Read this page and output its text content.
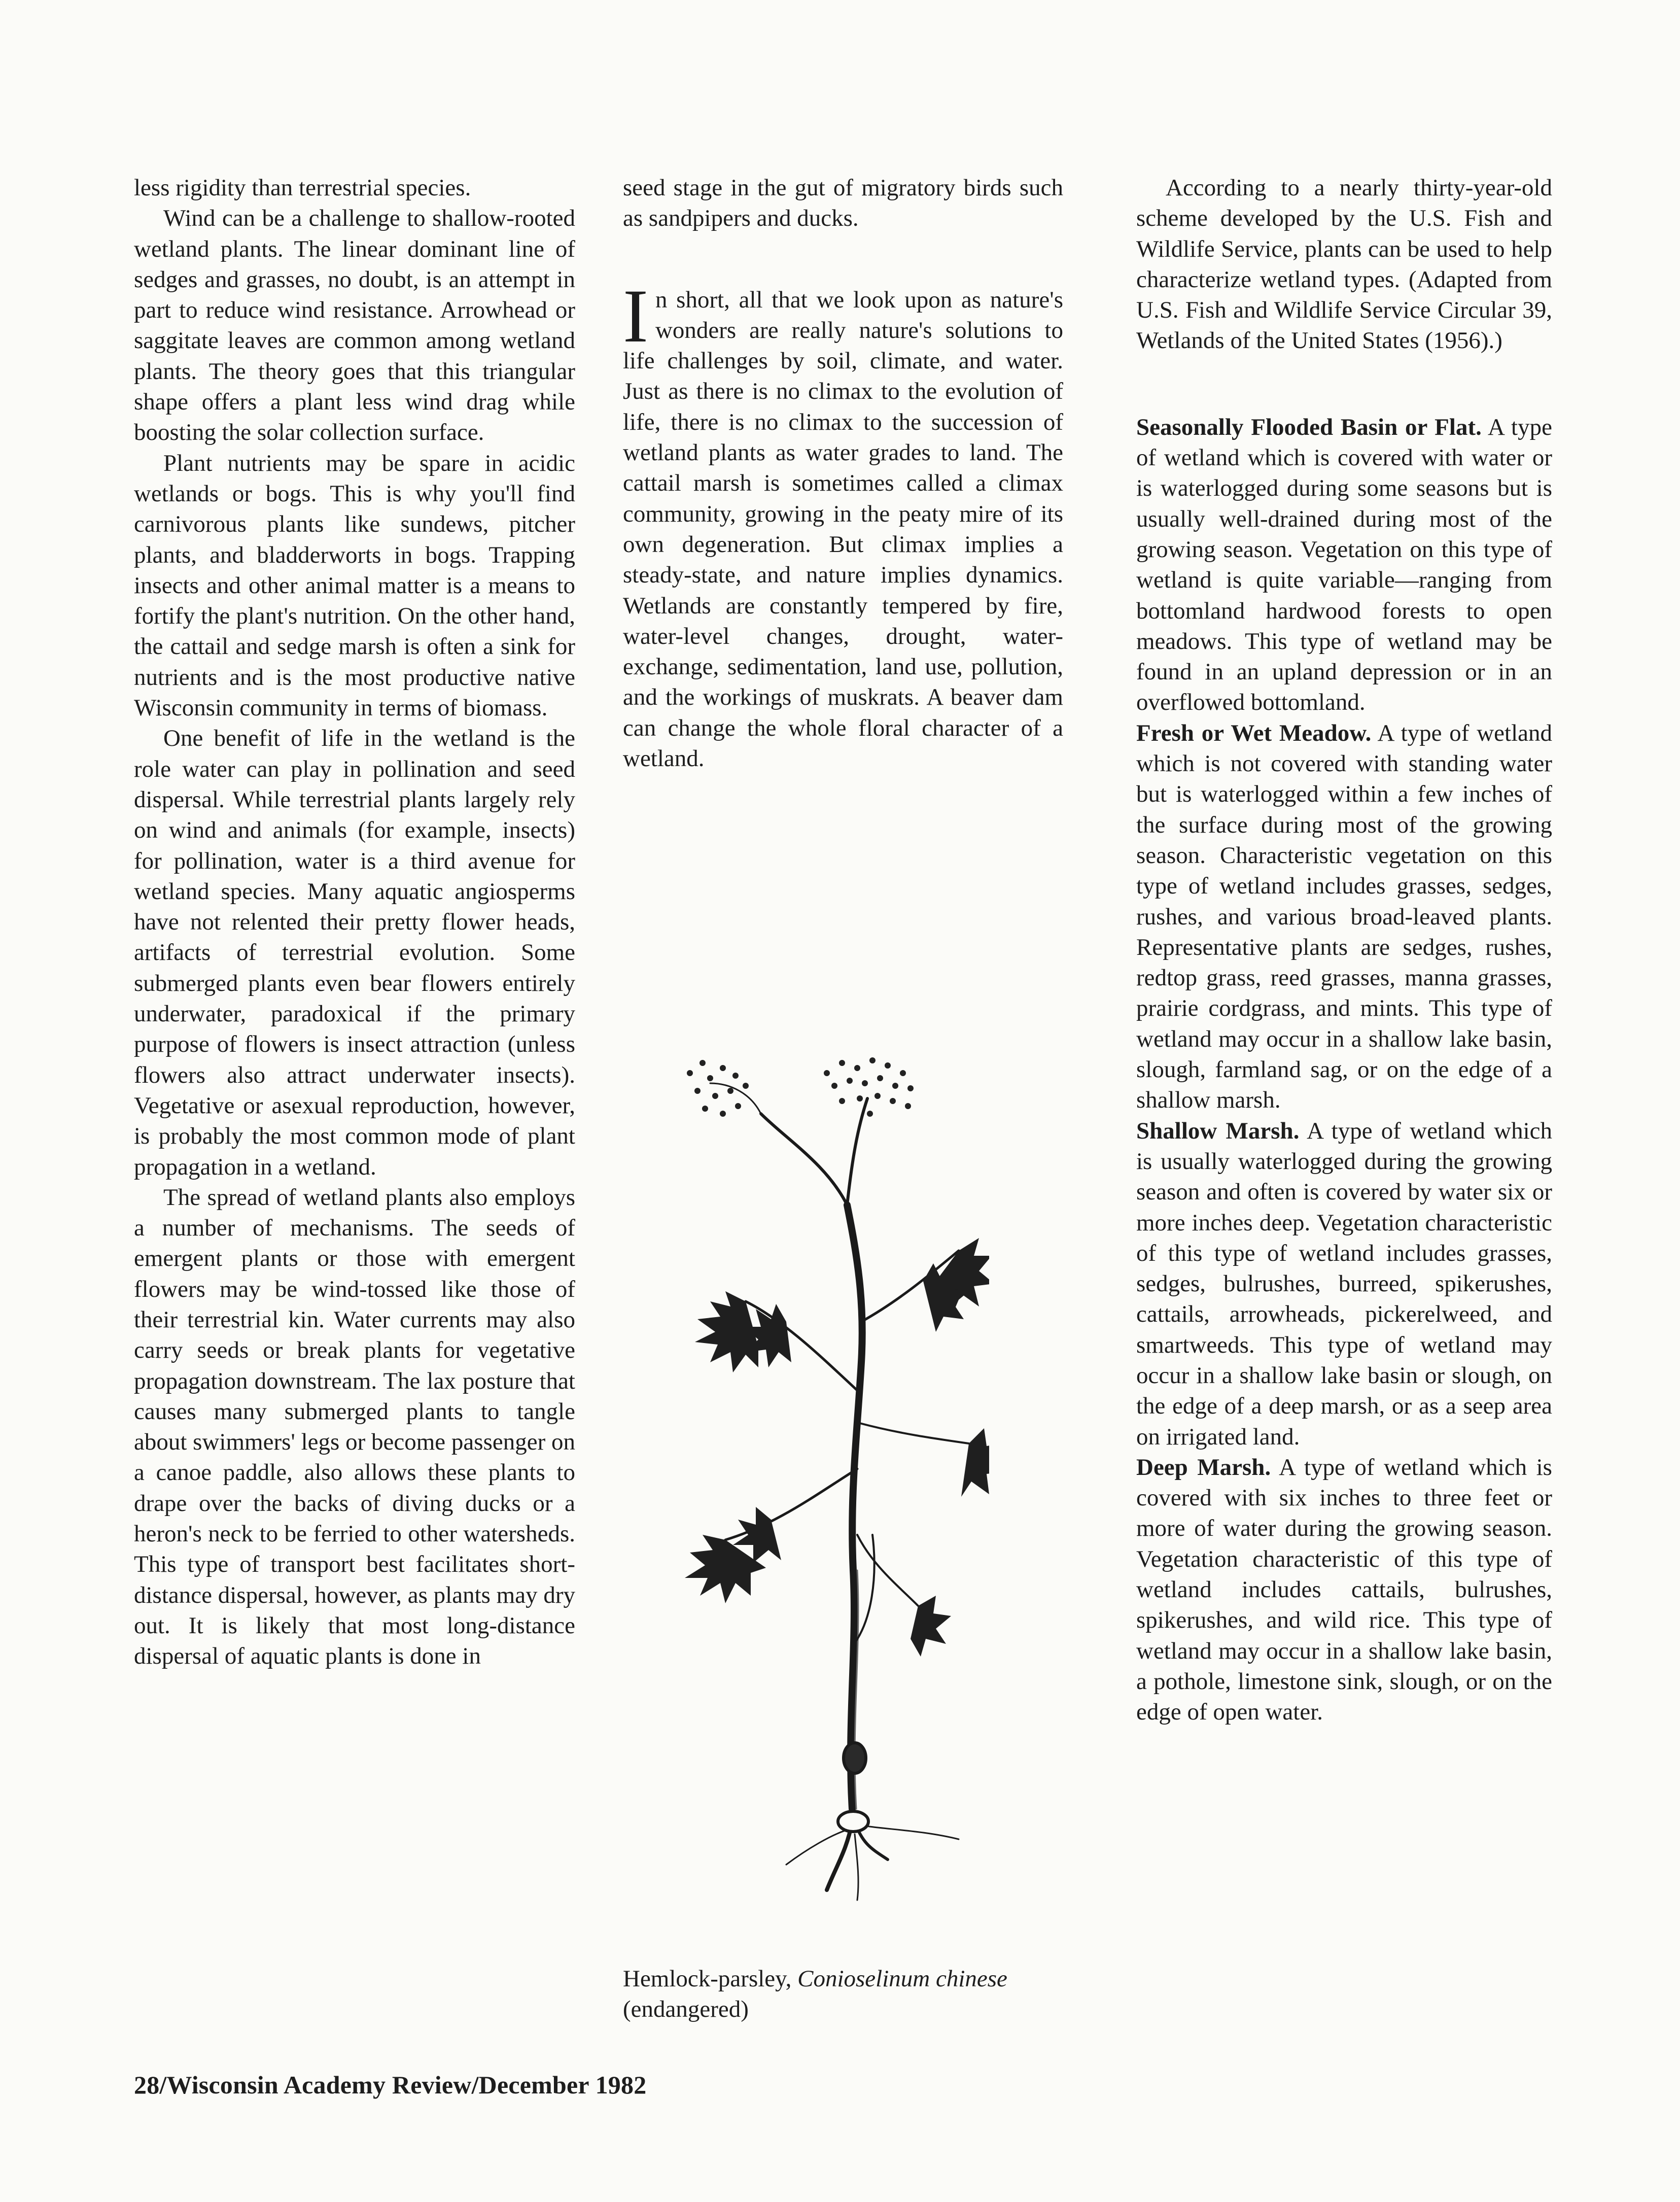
less rigidity than terrestrial species.

Wind can be a challenge to shallow-rooted wetland plants. The linear dominant line of sedges and grasses, no doubt, is an attempt in part to reduce wind resistance. Arrowhead or saggitate leaves are common among wetland plants. The theory goes that this triangular shape offers a plant less wind drag while boosting the solar collection surface.

Plant nutrients may be spare in acidic wetlands or bogs. This is why you'll find carnivorous plants like sundews, pitcher plants, and bladderworts in bogs. Trapping insects and other animal matter is a means to fortify the plant's nutrition. On the other hand, the cattail and sedge marsh is often a sink for nutrients and is the most productive native Wisconsin community in terms of biomass.

One benefit of life in the wetland is the role water can play in pollination and seed dispersal. While terrestrial plants largely rely on wind and animals (for example, insects) for pollination, water is a third avenue for wetland species. Many aquatic angiosperms have not relented their pretty flower heads, artifacts of terrestrial evolution. Some submerged plants even bear flowers entirely underwater, paradoxical if the primary purpose of flowers is insect attraction (unless flowers also attract underwater insects). Vegetative or asexual reproduction, however, is probably the most common mode of plant propagation in a wetland.

The spread of wetland plants also employs a number of mechanisms. The seeds of emergent plants or those with emergent flowers may be wind-tossed like those of their terrestrial kin. Water currents may also carry seeds or break plants for vegetative propagation downstream. The lax posture that causes many submerged plants to tangle about swimmers' legs or become passenger on a canoe paddle, also allows these plants to drape over the backs of diving ducks or a heron's neck to be ferried to other watersheds. This type of transport best facilitates short-distance dispersal, however, as plants may dry out. It is likely that most long-distance dispersal of aquatic plants is done in

seed stage in the gut of migratory birds such as sandpipers and ducks.

In short, all that we look upon as nature's wonders are really nature's solutions to life challenges by soil, climate, and water. Just as there is no climax to the evolution of life, there is no climax to the succession of wetland plants as water grades to land. The cattail marsh is sometimes called a climax community, growing in the peaty mire of its own degeneration. But climax implies a steady-state, and nature implies dynamics. Wetlands are constantly tempered by fire, water-level changes, drought, water-exchange, sedimentation, land use, pollution, and the workings of muskrats. A beaver dam can change the whole floral character of a wetland.

Hemlock-parsley, Conioselinum chinese (endangered)

According to a nearly thirty-year-old scheme developed by the U.S. Fish and Wildlife Service, plants can be used to help characterize wetland types. (Adapted from U.S. Fish and Wildlife Service Circular 39, Wetlands of the United States (1956).)

Seasonally Flooded Basin or Flat. A type of wetland which is covered with water or is waterlogged during some seasons but is usually well-drained during most of the growing season. Vegetation on this type of wetland is quite variable—ranging from bottomland hardwood forests to open meadows. This type of wetland may be found in an upland depression or in an overflowed bottomland.

Fresh or Wet Meadow. A type of wetland which is not covered with standing water but is waterlogged within a few inches of the surface during most of the growing season. Characteristic vegetation on this type of wetland includes grasses, sedges, rushes, and various broad-leaved plants. Representative plants are sedges, rushes, redtop grass, reed grasses, manna grasses, prairie cordgrass, and mints. This type of wetland may occur in a shallow lake basin, slough, farmland sag, or on the edge of a shallow marsh.

Shallow Marsh. A type of wetland which is usually waterlogged during the growing season and often is covered by water six or more inches deep. Vegetation characteristic of this type of wetland includes grasses, sedges, bulrushes, burreed, spikerushes, cattails, arrowheads, pickerelweed, and smartweeds. This type of wetland may occur in a shallow lake basin or slough, on the edge of a deep marsh, or as a seep area on irrigated land.

Deep Marsh. A type of wetland which is covered with six inches to three feet or more of water during the growing season. Vegetation characteristic of this type of wetland includes cattails, bulrushes, spikerushes, and wild rice. This type of wetland may occur in a shallow lake basin, a pothole, limestone sink, slough, or on the edge of open water.

28/Wisconsin Academy Review/December 1982
